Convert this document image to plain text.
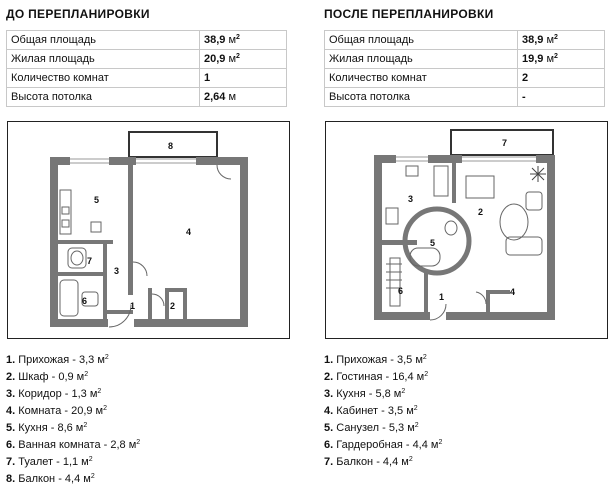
ДО ПЕРЕПЛАНИРОВКИ
Общая площадь	38,9 $м^2$
Жилая площадь	20,9 $м^2$
Количество комнат	1
Высота потолка	2,64 м
ПОСЛЕ ПЕРЕПЛАНИРОВКИ
Общая площадь	38,9 $м^2$
Жилая площадь	19,9 $м^2$
Количество комнат	2
Высота потолка	-
8
5
4
7
3
6	1	2
7
3
2
5
6
1	4
1. Прихожая - 3,3 $м^2$
2. Шкаф - 0,9 $м^2$
3. Коридор - 1,3 $м^2$
4. Комната - 20,9 $м^2$
5. Кухня - 8,6 $м^2$
6. Ванная комната - 2,8 $м^2$
7. Туалет - 1,1 $м^2$
8. Балкон - 4,4 $м^2$
1. Прихожая - 3,5 $м^2$
2. Гостиная - 16,4 $м^2$
3. Кухня - 5,8 $м^2$
4. Кабинет - 3,5 $м^2$
5. Санузел - 5,3 $м^2$
6. Гардеробная - 4,4 $м^2$
7. Балкон - 4,4 $м^2$
